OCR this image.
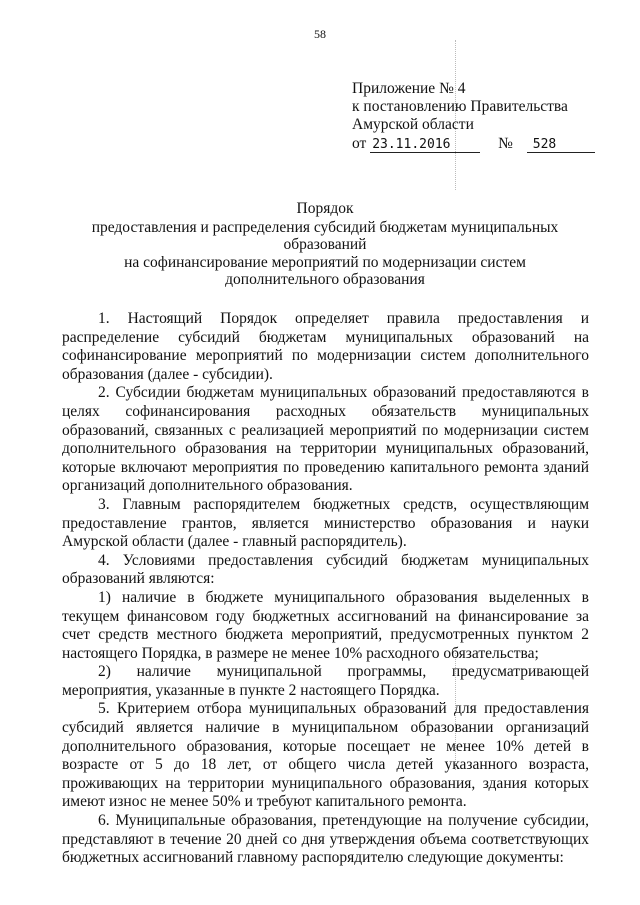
58
Приложение № 4
к постановлению Правительства
Амурской области
от 23.11.2016	№ 528
Порядок
предоставления и распределения субсидий бюджетам муниципальных
образований
на софинансирование мероприятий по модернизации систем
дополнительного образования

1. Настоящий Порядок определяет правила предоставления и распределение субсидий бюджетам муниципальных образований на софинансирование мероприятий по модернизации систем дополнительного образования (далее - субсидии).

2. Субсидии бюджетам муниципальных образований предоставляются в целях софинансирования расходных обязательств муниципальных образований, связанных с реализацией мероприятий по модернизации систем дополнительного образования на территории муниципальных образований, которые включают мероприятия по проведению капитального ремонта зданий организаций дополнительного образования.

3. Главным распорядителем бюджетных средств, осуществляющим предоставление грантов, является министерство образования и науки Амурской области (далее - главный распорядитель).

4. Условиями предоставления субсидий бюджетам муниципальных образований являются:

1) наличие в бюджете муниципального образования выделенных в текущем финансовом году бюджетных ассигнований на финансирование за счет средств местного бюджета мероприятий, предусмотренных пунктом 2 настоящего Порядка, в размере не менее 10% расходного обязательства;

2) наличие муниципальной программы, предусматривающей мероприятия, указанные в пункте 2 настоящего Порядка.

5. Критерием отбора муниципальных образований для предоставления субсидий является наличие в муниципальном образовании организаций дополнительного образования, которые посещает не менее 10% детей в возрасте от 5 до 18 лет, от общего числа детей указанного возраста, проживающих на территории муниципального образования, здания которых имеют износ не менее 50% и требуют капитального ремонта.

6. Муниципальные образования, претендующие на получение субсидии, представляют в течение 20 дней со дня утверждения объема соответствующих бюджетных ассигнований главному распорядителю следующие документы:
